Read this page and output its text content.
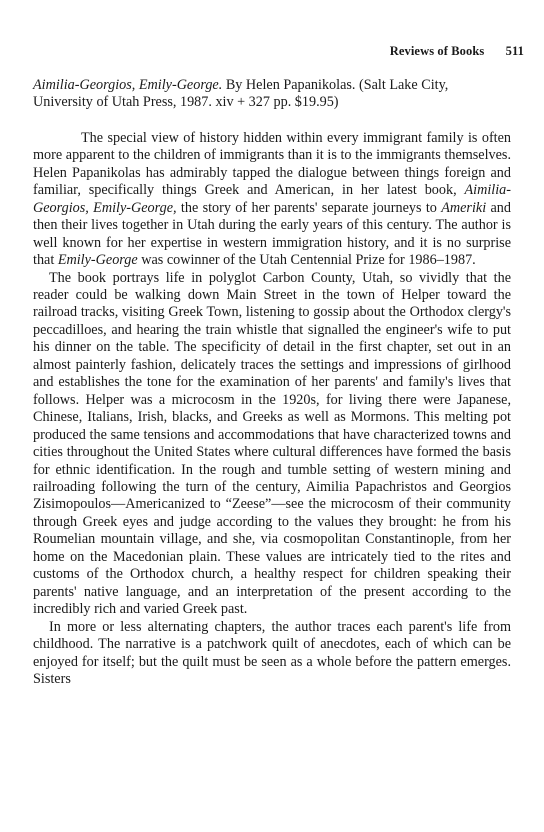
Reviews of Books 511

Aimilia-Georgios, Emily-George. By Helen Papanikolas. (Salt Lake City, University of Utah Press, 1987. xiv + 327 pp. $19.95)

The special view of history hidden within every immigrant family is often more apparent to the children of immigrants than it is to the immigrants themselves. Helen Papanikolas has admirably tapped the dialogue between things foreign and familiar, specifically things Greek and American, in her latest book, Aimilia-Georgios, Emily-George, the story of her parents' separate journeys to Ameriki and then their lives together in Utah during the early years of this century. The author is well known for her expertise in western immigration history, and it is no surprise that Emily-George was cowinner of the Utah Centennial Prize for 1986–1987.

The book portrays life in polyglot Carbon County, Utah, so vividly that the reader could be walking down Main Street in the town of Helper toward the railroad tracks, visiting Greek Town, listening to gossip about the Orthodox clergy's peccadilloes, and hearing the train whistle that signalled the engineer's wife to put his dinner on the table. The specificity of detail in the first chapter, set out in an almost painterly fashion, delicately traces the settings and impressions of girlhood and establishes the tone for the examination of her parents' and family's lives that follows. Helper was a microcosm in the 1920s, for living there were Japanese, Chinese, Italians, Irish, blacks, and Greeks as well as Mormons. This melting pot produced the same tensions and accommodations that have characterized towns and cities throughout the United States where cultural differences have formed the basis for ethnic identification. In the rough and tumble setting of western mining and railroading following the turn of the century, Aimilia Papachristos and Georgios Zisimopoulos—Americanized to “Zeese”—see the microcosm of their community through Greek eyes and judge according to the values they brought: he from his Roumelian mountain village, and she, via cosmopolitan Constantinople, from her home on the Macedonian plain. These values are intricately tied to the rites and customs of the Orthodox church, a healthy respect for children speaking their parents' native language, and an interpretation of the present according to the incredibly rich and varied Greek past.

In more or less alternating chapters, the author traces each parent's life from childhood. The narrative is a patchwork quilt of anecdotes, each of which can be enjoyed for itself; but the quilt must be seen as a whole before the pattern emerges. Sisters
